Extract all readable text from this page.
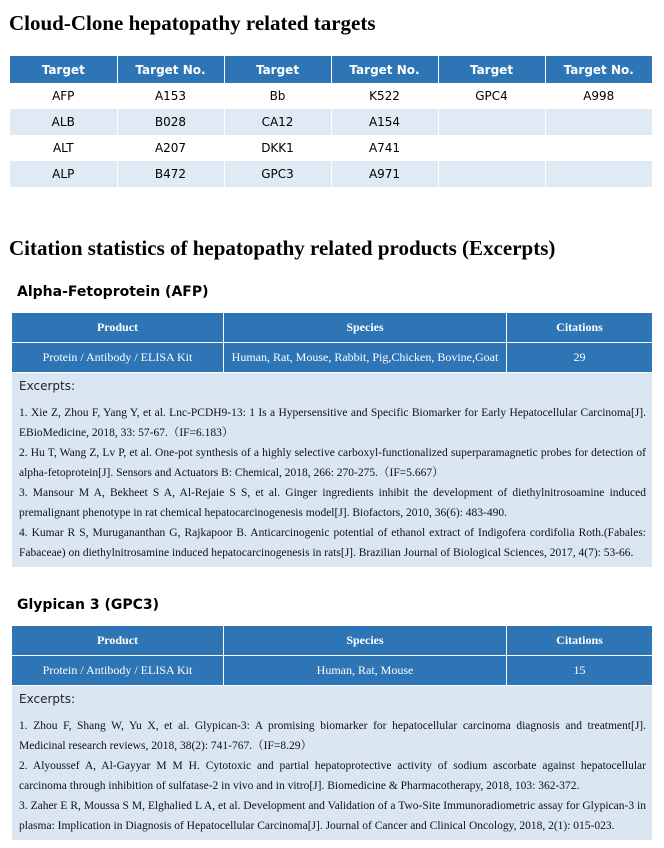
Cloud-Clone hepatopathy related targets
Target	Target No.	Target	Target No.	Target	Target No.
AFP	A153	Bb	K522	GPC4	A998
ALB	B028	CA12	A154		
ALT	A207	DKK1	A741		
ALP	B472	GPC3	A971		
Citation statistics of hepatopathy related products (Excerpts)
Alpha-Fetoprotein (AFP)
Product	Species	Citations
Protein / Antibody / ELISA Kit	Human, Rat, Mouse, Rabbit, Pig,Chicken, Bovine,Goat	29

Excerpts:

1. Xie Z, Zhou F, Yang Y, et al. Lnc-PCDH9-13: 1 Is a Hypersensitive and Specific Biomarker for Early Hepatocellular Carcinoma[J]. EBioMedicine, 2018, 33: 57-67.（IF=6.183）

2. Hu T, Wang Z, Lv P, et al. One-pot synthesis of a highly selective carboxyl-functionalized superparamagnetic probes for detection of alpha-fetoprotein[J]. Sensors and Actuators B: Chemical, 2018, 266: 270-275.（IF=5.667）

3. Mansour M A, Bekheet S A, Al‐Rejaie S S, et al. Ginger ingredients inhibit the development of diethylnitrosoamine induced premalignant phenotype in rat chemical hepatocarcinogenesis model[J]. Biofactors, 2010, 36(6): 483-490.

4. Kumar R S, Murugananthan G, Rajkapoor B. Anticarcinogenic potential of ethanol extract of Indigofera cordifolia Roth.(Fabales: Fabaceae) on diethylnitrosamine induced hepatocarcinogenesis in rats[J]. Brazilian Journal of Biological Sciences, 2017, 4(7): 53-66.		

Glypican 3 (GPC3)
Product	Species	Citations
Protein / Antibody / ELISA Kit	Human, Rat, Mouse	15

Excerpts:

1. Zhou F, Shang W, Yu X, et al. Glypican‐3: A promising biomarker for hepatocellular carcinoma diagnosis and treatment[J]. Medicinal research reviews, 2018, 38(2): 741-767.（IF=8.29）

2. Alyoussef A, Al-Gayyar M M H. Cytotoxic and partial hepatoprotective activity of sodium ascorbate against hepatocellular carcinoma through inhibition of sulfatase-2 in vivo and in vitro[J]. Biomedicine & Pharmacotherapy, 2018, 103: 362-372.

3. Zaher E R, Moussa S M, Elghalied L A, et al. Development and Validation of a Two-Site Immunoradiometric assay for Glypican-3 in plasma: Implication in Diagnosis of Hepatocellular Carcinoma[J]. Journal of Cancer and Clinical Oncology, 2018, 2(1): 015-023.		
